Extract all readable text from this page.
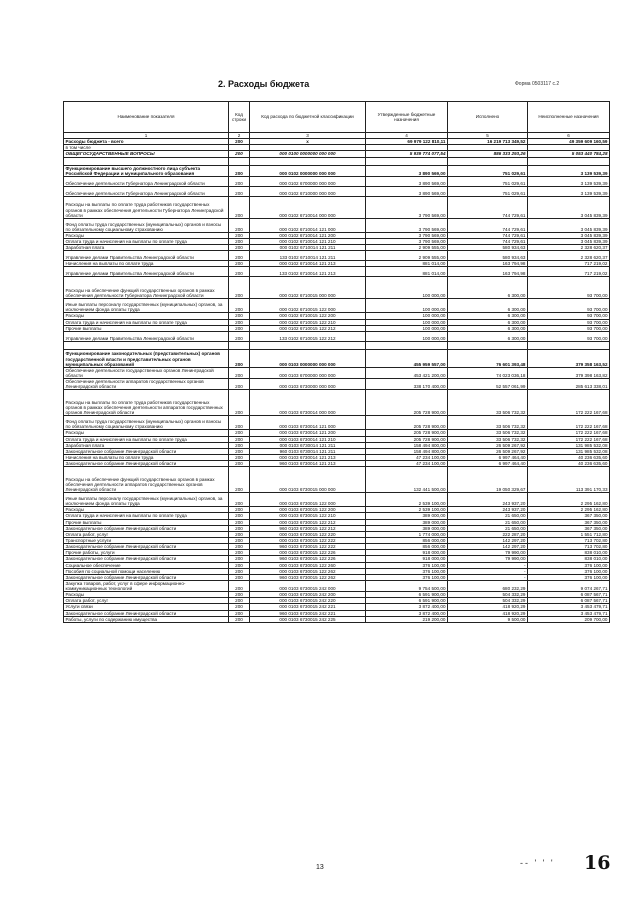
2. Расходы бюджета	Форма 0503117 с.2
Наименование показателя	Код строки	Код расхода по бюджетной классификации	Утвержденные бюджетные назначения	Исполнено	Неисполненные назначения
1	2	3	4	5	6
Расходы бюджета - всего	200	x	69 979 122 810,11	16 219 713 349,52	49 359 609 160,59
в том числе					
ОБЩЕГОСУДАРСТВЕННЫЕ ВОПРОСЫ	200	000 0100 0000000 000 000	5 939 774 077,54	886 333 293,26	5 053 440 784,28

Функционирование высшего должностного лица субъекта Российской Федерации и муниципального образования	200	000 0102 0000000 000 000	3 890 569,00	751 029,61	3 139 539,39
Обеспечение деятельности Губернатора Ленинградской области	200	000 0102 6700000 000 000	3 890 569,00	751 029,61	3 139 539,39
Обеспечение деятельности Губернатора Ленинградской области	200	000 0102 6710000 000 000	3 890 569,00	751 029,61	3 139 539,39
Расходы на выплаты по оплате труда работников государственных органов в рамках обеспечения деятельности Губернатора Ленинградской области	200	000 0102 6710014 000 000	3 790 569,00	744 729,61	3 045 839,39
Фонд оплаты труда государственных (муниципальных) органов и взносы по обязательному социальному страхованию	200	000 0102 6710014 121 000	3 790 569,00	744 729,61	3 045 839,39
Расходы	200	000 0102 6710014 121 200	3 790 569,00	744 729,61	3 045 839,39
Оплата труда и начисления на выплаты по оплате труда	200	000 0102 6710014 121 210	3 790 569,00	744 729,61	3 045 839,39
Заработная плата	200	000 0102 6710014 121 211	2 909 555,00	580 934,63	2 328 620,37
Управление делами Правительства Ленинградской области	200	133 0102 6710014 121 211	2 909 555,00	580 934,63	2 328 620,37
Начисления на выплаты по оплате труда	200	000 0102 6710014 121 213	881 014,00	163 794,98	717 219,02
Управление делами Правительства Ленинградской области	200	133 0102 6710014 121 213	881 014,00	163 794,98	717 219,02
Расходы на обеспечение функций государственных органов в рамках обеспечения деятельности Губернатора Ленинградской области	200	000 0102 6710015 000 000	100 000,00	6 300,00	93 700,00
Иные выплаты персоналу государственных (муниципальных) органов, за исключением фонда оплаты труда	200	000 0102 6710015 122 000	100 000,00	6 300,00	93 700,00
Расходы	200	000 0102 6710015 122 200	100 000,00	6 300,00	93 700,00
Оплата труда и начисления на выплаты по оплате труда	200	000 0102 6710015 122 210	100 000,00	6 300,00	93 700,00
Прочие выплаты	200	000 0102 6710015 122 212	100 000,00	6 300,00	93 700,00
Управление делами Правительства Ленинградской области	200	133 0102 6710015 122 212	100 000,00	6 300,00	93 700,00

Функционирование законодательных (представительных) органов государственной власти и представительных органов муниципальных образований	200	000 0103 0000000 000 000	455 959 557,00	76 601 393,48	379 358 163,52
Обеспечение деятельности государственных органов Ленинградской области	200	000 0103 6700000 000 000	453 421 200,00	74 023 036,18	379 398 163,82
Обеспечение деятельности аппаратов государственных органов Ленинградской области	200	000 0103 6730000 000 000	338 170 400,00	52 557 061,99	285 613 338,01
Расходы на выплаты по оплате труда работников государственных органов в рамках обеспечения деятельности аппаратов государственных органов Ленинградской области	200	000 0103 6730014 000 000	205 728 900,00	33 506 732,32	172 222 167,68
Фонд оплаты труда государственных (муниципальных) органов и взносы по обязательному социальному страхованию	200	000 0103 6730014 121 000	205 728 900,00	33 506 732,32	172 222 167,68
Расходы	200	000 0103 6730014 121 200	205 728 900,00	33 506 732,32	172 222 167,68
Оплата труда и начисления на выплаты по оплате труда	200	000 0103 6730014 121 210	205 728 900,00	33 506 732,32	172 222 167,68
Заработная плата	200	000 0103 6730014 121 211	158 494 800,00	26 509 267,92	131 985 532,08
Законодательное собрание Ленинградской области	200	960 0103 6730014 121 211	158 494 800,00	26 509 267,92	131 985 532,08
Начисления на выплаты по оплате труда	200	000 0103 6730014 121 213	47 234 100,00	6 997 464,40	40 236 635,60
Законодательное собрание Ленинградской области	200	960 0103 6730014 121 213	47 234 100,00	6 997 464,40	40 236 635,60
Расходы на обеспечение функций государственных органов в рамках обеспечения деятельности аппаратов государственных органов Ленинградской области	200	000 0103 6730015 000 000	132 441 500,00	19 050 329,67	113 391 170,33
Иные выплаты персоналу государственных (муниципальных) органов, за исключением фонда оплаты труда	200	000 0103 6730015 122 000	2 539 100,00	243 937,20	2 295 162,80
Расходы	200	000 0103 6730015 122 200	2 539 100,00	243 937,20	2 295 162,80
Оплата труда и начисления на выплаты по оплате труда	200	000 0103 6730015 122 210	389 000,00	21 650,00	367 350,00
Прочие выплаты	200	000 0103 6730015 122 212	389 000,00	21 650,00	367 350,00
Законодательное собрание Ленинградской области	200	960 0103 6730015 122 212	389 000,00	21 650,00	367 350,00
Оплата работ, услуг	200	000 0103 6730015 122 220	1 774 000,00	222 287,20	1 551 712,80
Транспортные услуги	200	000 0103 6730015 122 222	856 000,00	142 297,20	713 702,80
Законодательное собрание Ленинградской области	200	960 0103 6730015 122 222	856 000,00	142 297,20	713 702,80
Прочие работы, услуги	200	000 0103 6730015 122 226	918 000,00	79 990,00	838 010,00
Законодательное собрание Ленинградской области	200	960 0103 6730015 122 226	918 000,00	79 990,00	838 010,00
Социальное обеспечение	200	000 0103 6730015 122 260	376 100,00	-	376 100,00
Пособия по социальной помощи населению	200	000 0103 6730015 122 262	376 100,00	-	376 100,00
Законодательное собрание Ленинградской области	200	960 0103 6730015 122 262	376 100,00	-	376 100,00
Закупка товаров, работ, услуг в сфере информационно-коммуникационных технологий	200	000 0103 6730015 242 000	9 754 500,00	680 232,29	9 074 267,71
Расходы	200	000 0103 6730015 242 200	6 591 900,00	504 332,29	6 087 567,71
Оплата работ, услуг	200	000 0103 6730015 242 220	6 591 900,00	504 332,29	6 087 567,71
Услуги связи	200	000 0103 6730015 242 221	3 872 400,00	418 920,29	3 453 479,71
Законодательное собрание Ленинградской области	200	960 0103 6730015 242 221	3 872 400,00	418 920,29	3 453 479,71
Работы, услуги по содержанию имущества	200	000 0103 6730015 242 225	219 200,00	9 500,00	209 700,00
-- ' ' '
13	16
